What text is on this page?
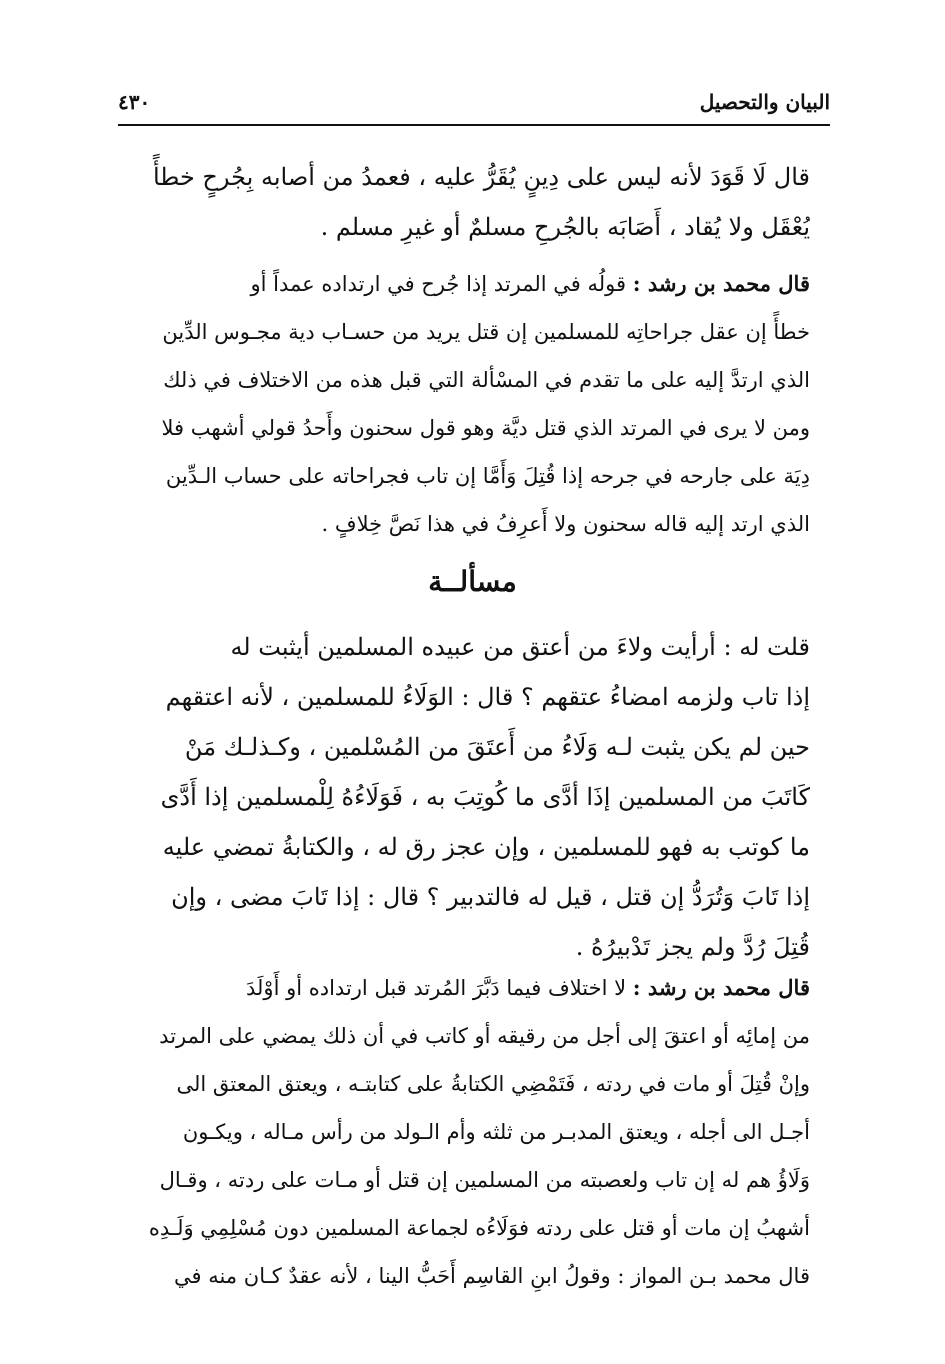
البيان والتحصيل
٤٣٠

قال لَا قَوَدَ لأنه ليس على دِينٍ يُقَرُّ عليه ، فعمدُ من أصابه بِجُرحٍ خطأً

يُعْقَل ولا يُقاد ، أَصَابَه بالجُرحِ مسلمٌ أو غيرِ مسلم .

قال محمد بن رشد : قولُه في المرتد إذا جُرح في ارتداده عمداً أو

خطأً إن عقل جراحاتِه للمسلمين إن قتل يريد من حسـاب دية مجـوس الدِّين

الذي ارتدَّ إليه على ما تقدم في المسْألة التي قبل هذه من الاختلاف في ذلك

ومن لا يرى في المرتد الذي قتل ديَّة وهو قول سحنون وأَحدُ قولي أشهب فلا

دِيَة على جارحه في جرحه إذا قُتِلَ وَأَمَّا إن تاب فجراحاته على حساب الـدِّين

الذي ارتد إليه قاله سحنون ولا أَعرِفُ في هذا نَصَّ خِلافٍ .

مسألــة

قلت له : أرأيت ولاءَ من أعتق من عبيده المسلمين أيثبت له

إذا تاب ولزمه امضاءُ عتقهم ؟ قال : الوَلَاءُ للمسلمين ، لأنه اعتقهم

حين لم يكن يثبت لـه وَلَاءُ من أَعتَقَ من المُسْلمين ، وكـذلـك مَنْ

كَاتَبَ من المسلمين إذَا أدَّى ما كُوتِبَ به ، فَوَلَاءُهُ لِلْمسلمين إذا أَدَّى

ما كوتب به فهو للمسلمين ، وإن عجز رق له ، والكتابةُ تمضي عليه

إذا تَابَ وَتُرَدُّ إن قتل ، قيل له فالتدبير ؟ قال : إذا تَابَ مضى ، وإن

قُتِلَ رُدَّ ولم يجز تَدْبيرُهُ .

قال محمد بن رشد : لا اختلاف فيما دَبَّرَ المُرتد قبل ارتداده أو أَوْلَدَ

من إمائِه أو اعتقَ إلى أجل من رقيقه أو كاتب في أن ذلك يمضي على المرتد

وإنْ قُتِلَ أو مات في ردته ، فَتَمْضِي الكتابةُ على كتابتـه ، ويعتق المعتق الى

أجـل الى أجله ، ويعتق المدبـر من ثلثه وأم الـولد من رأس مـاله ، ويكـون

وَلَاؤُ هم له إن تاب ولعصبته من المسلمين إن قتل أو مـات على ردته ، وقـال

أشهبُ إن مات أو قتل على ردته فوَلَاءُه لجماعة المسلمين دون مُسْلِمِي وَلَـدِه

قال محمد بـن المواز : وقولُ ابنِ القاسِم أَحَبُّ الينا ، لأنه عقدٌ كـان منه في
